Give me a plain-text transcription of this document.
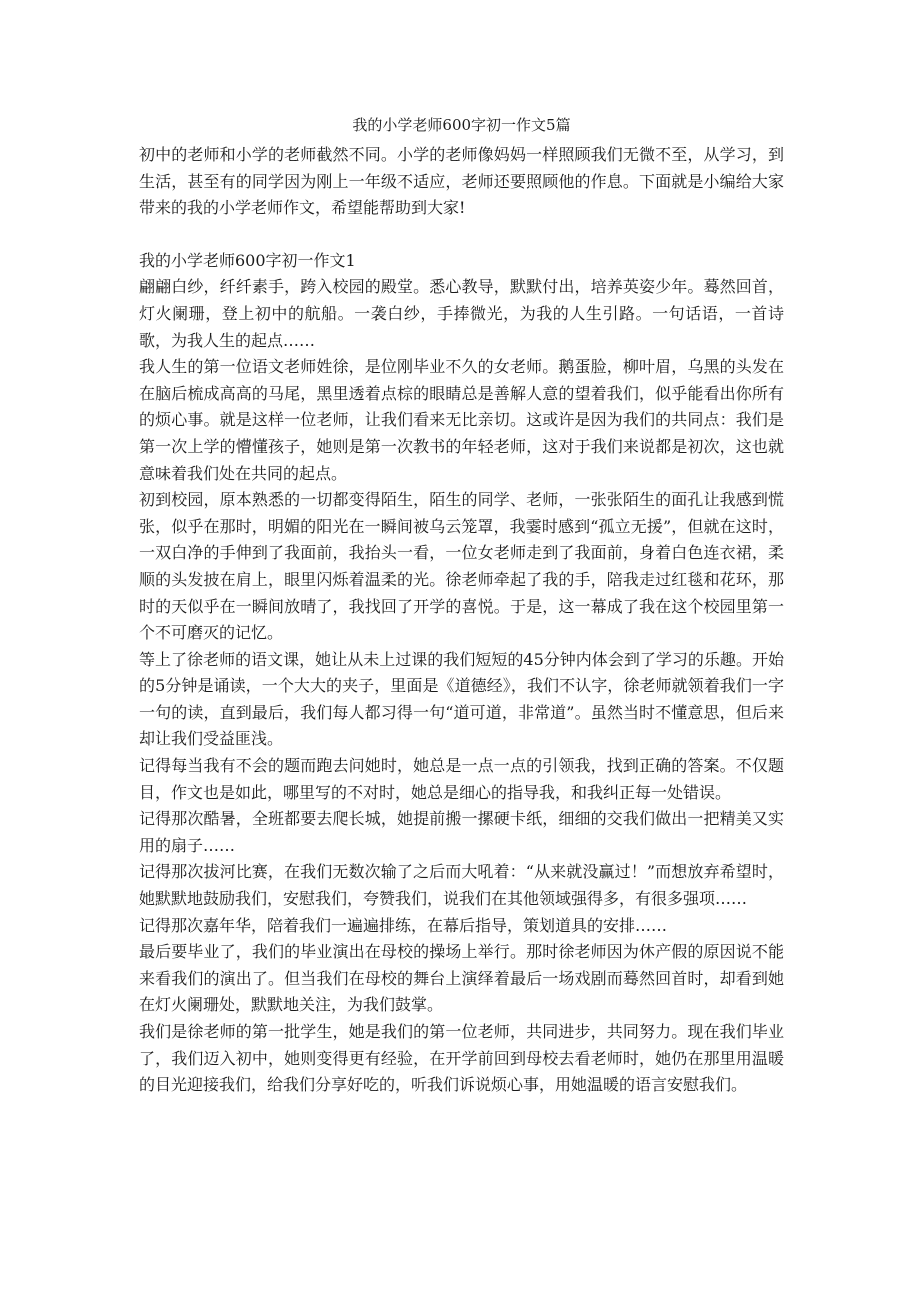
我的小学老师600字初一作文5篇

初中的老师和小学的老师截然不同。小学的老师像妈妈一样照顾我们无微不至，从学习，到生活，甚至有的同学因为刚上一年级不适应，老师还要照顾他的作息。下面就是小编给大家带来的我的小学老师作文，希望能帮助到大家!

我的小学老师600字初一作文1

翩翩白纱，纤纤素手，跨入校园的殿堂。悉心教导，默默付出，培养英姿少年。蓦然回首，灯火阑珊，登上初中的航船。一袭白纱，手捧微光，为我的人生引路。一句话语，一首诗歌，为我人生的起点……

我人生的第一位语文老师姓徐，是位刚毕业不久的女老师。鹅蛋脸，柳叶眉，乌黑的头发在在脑后梳成高高的马尾，黑里透着点棕的眼睛总是善解人意的望着我们，似乎能看出你所有的烦心事。就是这样一位老师，让我们看来无比亲切。这或许是因为我们的共同点：我们是第一次上学的懵懂孩子，她则是第一次教书的年轻老师，这对于我们来说都是初次，这也就意味着我们处在共同的起点。

初到校园，原本熟悉的一切都变得陌生，陌生的同学、老师，一张张陌生的面孔让我感到慌张，似乎在那时，明媚的阳光在一瞬间被乌云笼罩，我霎时感到“孤立无援”，但就在这时，一双白净的手伸到了我面前，我抬头一看，一位女老师走到了我面前，身着白色连衣裙，柔顺的头发披在肩上，眼里闪烁着温柔的光。徐老师牵起了我的手，陪我走过红毯和花环，那时的天似乎在一瞬间放晴了，我找回了开学的喜悦。于是，这一幕成了我在这个校园里第一个不可磨灭的记忆。

等上了徐老师的语文课，她让从未上过课的我们短短的45分钟内体会到了学习的乐趣。开始的5分钟是诵读，一个大大的夹子，里面是《道德经》，我们不认字，徐老师就领着我们一字一句的读，直到最后，我们每人都习得一句“道可道，非常道”。虽然当时不懂意思，但后来却让我们受益匪浅。

记得每当我有不会的题而跑去问她时，她总是一点一点的引领我，找到正确的答案。不仅题目，作文也是如此，哪里写的不对时，她总是细心的指导我，和我纠正每一处错误。

记得那次酷暑，全班都要去爬长城，她提前搬一摞硬卡纸，细细的交我们做出一把精美又实用的扇子……

记得那次拔河比赛，在我们无数次输了之后而大吼着：“从来就没赢过！”而想放弃希望时，她默默地鼓励我们，安慰我们，夸赞我们，说我们在其他领域强得多，有很多强项……

记得那次嘉年华，陪着我们一遍遍排练，在幕后指导，策划道具的安排……

最后要毕业了，我们的毕业演出在母校的操场上举行。那时徐老师因为休产假的原因说不能来看我们的演出了。但当我们在母校的舞台上演绎着最后一场戏剧而蓦然回首时，却看到她在灯火阑珊处，默默地关注，为我们鼓掌。

我们是徐老师的第一批学生，她是我们的第一位老师，共同进步，共同努力。现在我们毕业了，我们迈入初中，她则变得更有经验，在开学前回到母校去看老师时，她仍在那里用温暖的目光迎接我们，给我们分享好吃的，听我们诉说烦心事，用她温暖的语言安慰我们。
